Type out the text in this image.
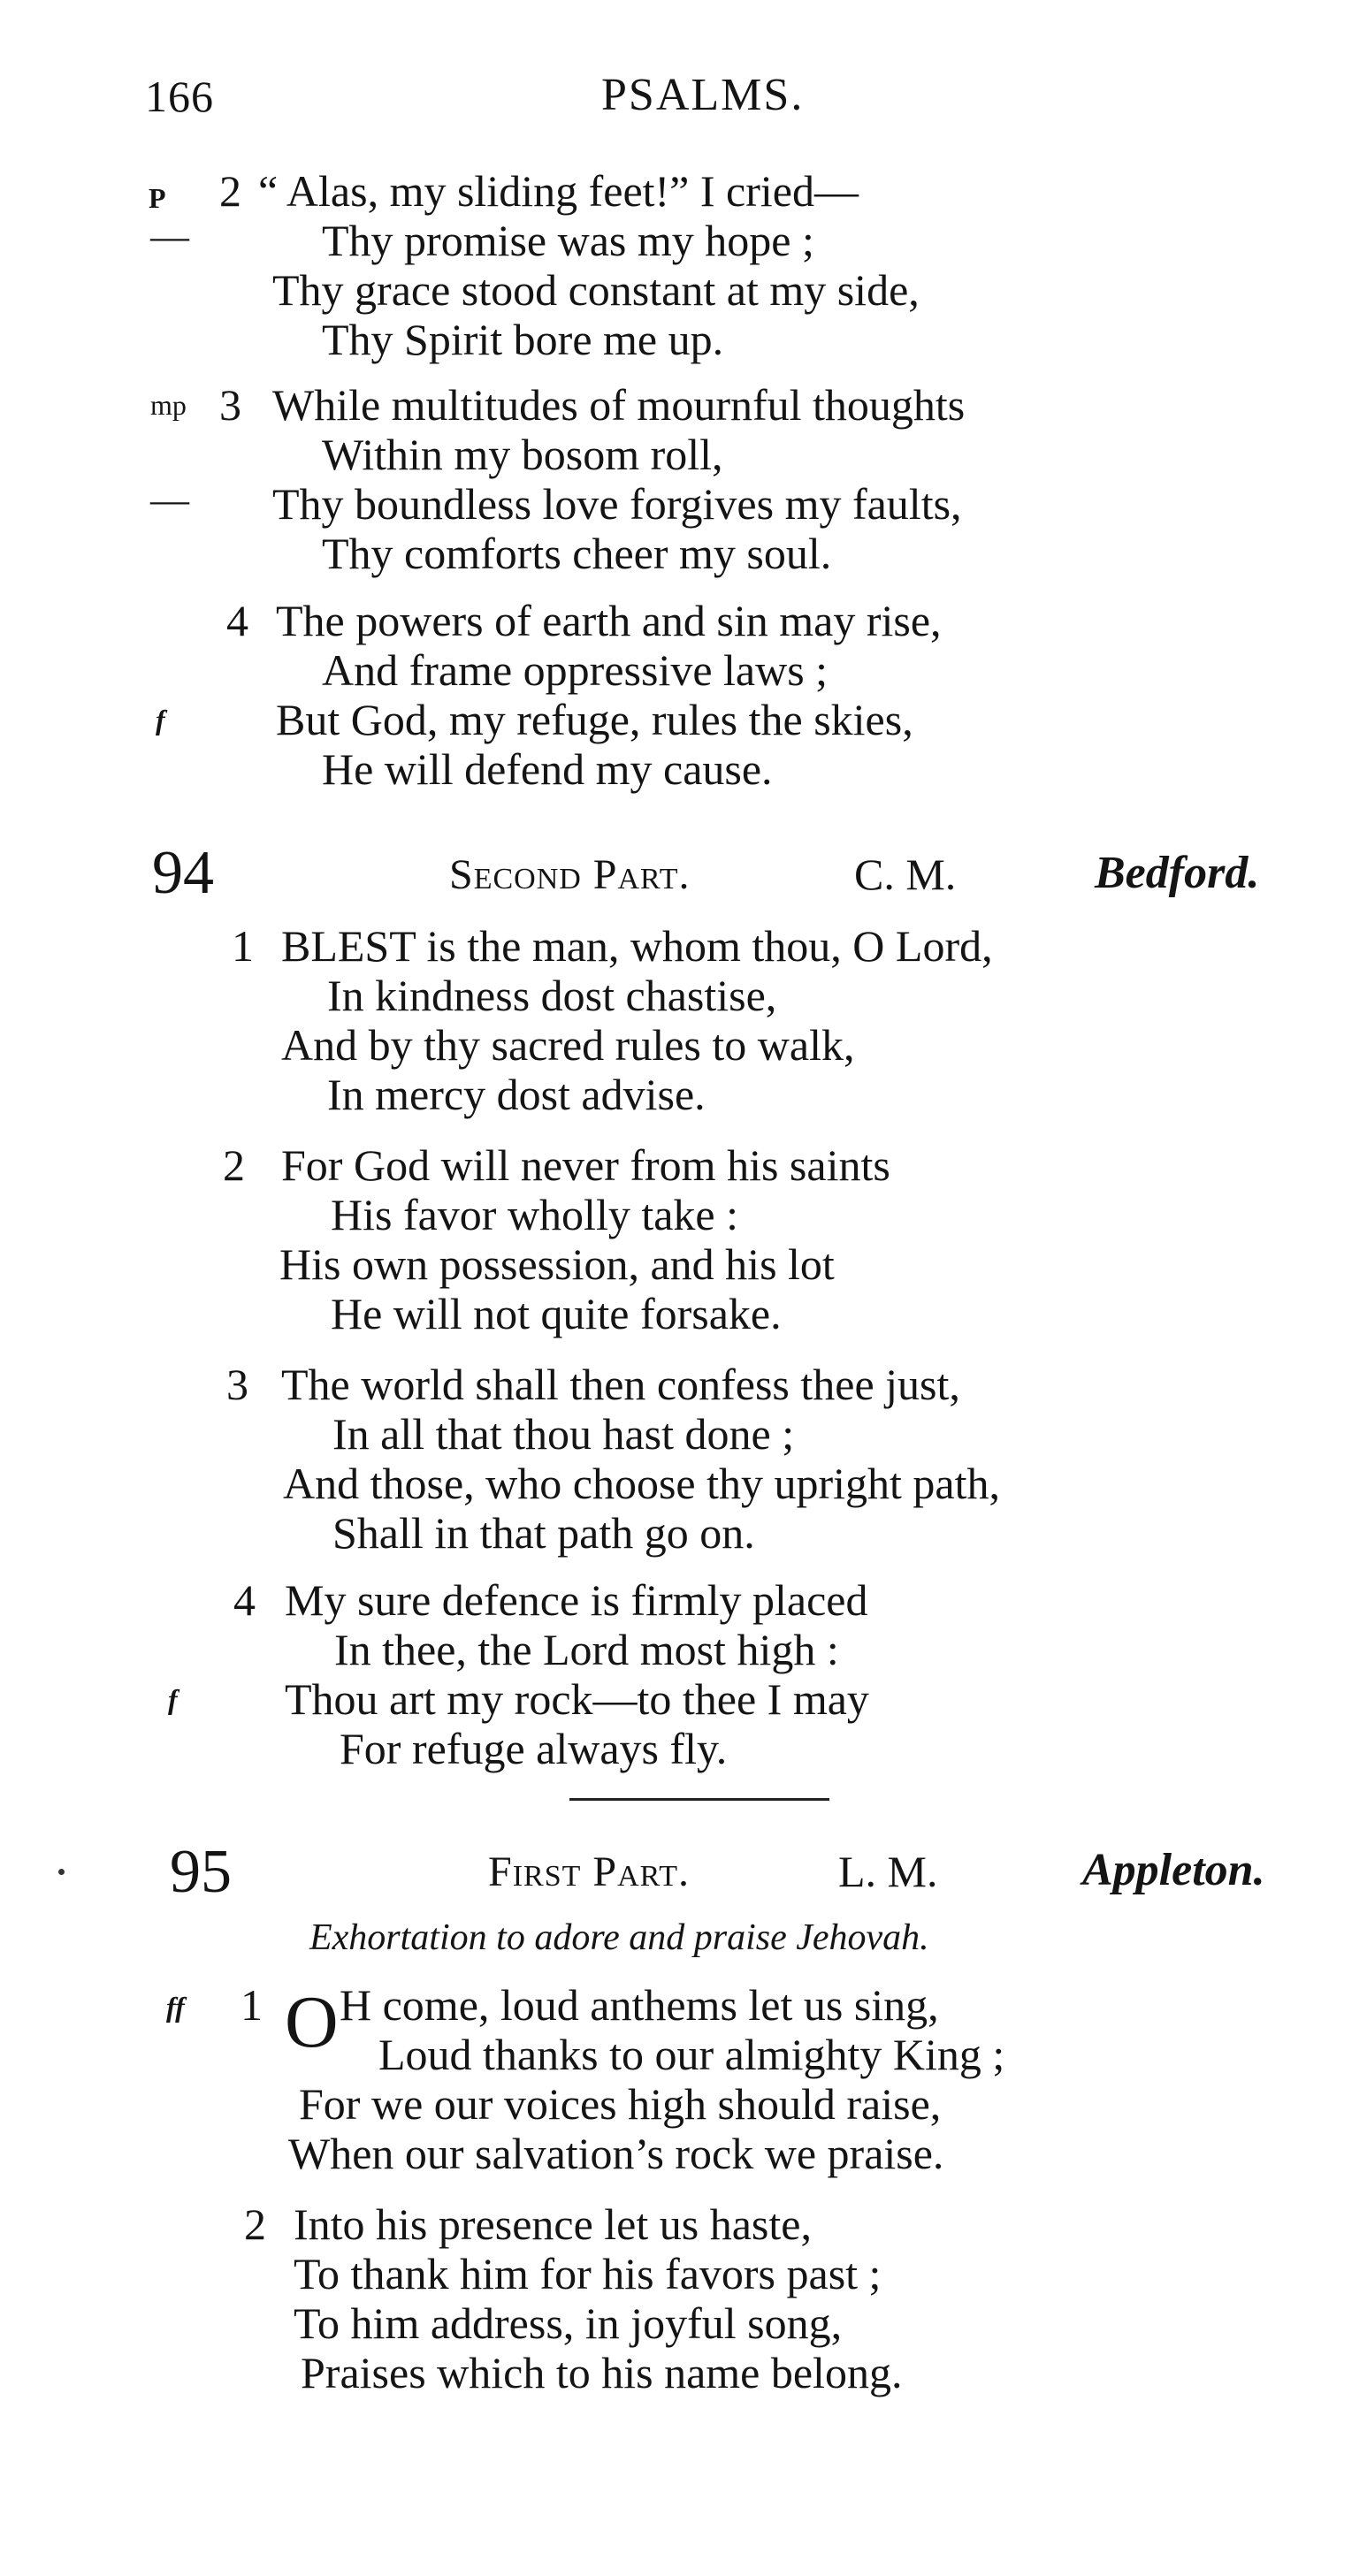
166	PSALMS.
P 2 “ Alas, my sliding feet!” I cried—
—	Thy promise was my hope ;
Thy grace stood constant at my side,
Thy Spirit bore me up.
mp 3 While multitudes of mournful thoughts
Within my bosom roll,
— Thy boundless love forgives my faults,
Thy comforts cheer my soul.
4 The powers of earth and sin may rise,
And frame oppressive laws ;
f	But God, my refuge, rules the skies,
He will defend my cause.
94	Second Part.	C. M.	Bedford.
1 BLEST is the man, whom thou, O Lord,
In kindness dost chastise,
And by thy sacred rules to walk,
In mercy dost advise.
2 For God will never from his saints
His favor wholly take :
His own possession, and his lot
He will not quite forsake.
3 The world shall then confess thee just,
In all that thou hast done ;
And those, who choose thy upright path,
Shall in that path go on.
4 My sure defence is firmly placed
In thee, the Lord most high :
f Thou art my rock—to thee I may
For refuge always fly.
95	First Part.	L. M.	Appleton.
Exhortation to adore and praise Jehovah.
ff 1 O H come, loud anthems let us sing,
Loud thanks to our almighty King ;
For we our voices high should raise,
When our salvation’s rock we praise.
2 Into his presence let us haste,
To thank him for his favors past ;
To him address, in joyful song,
Praises which to his name belong.
